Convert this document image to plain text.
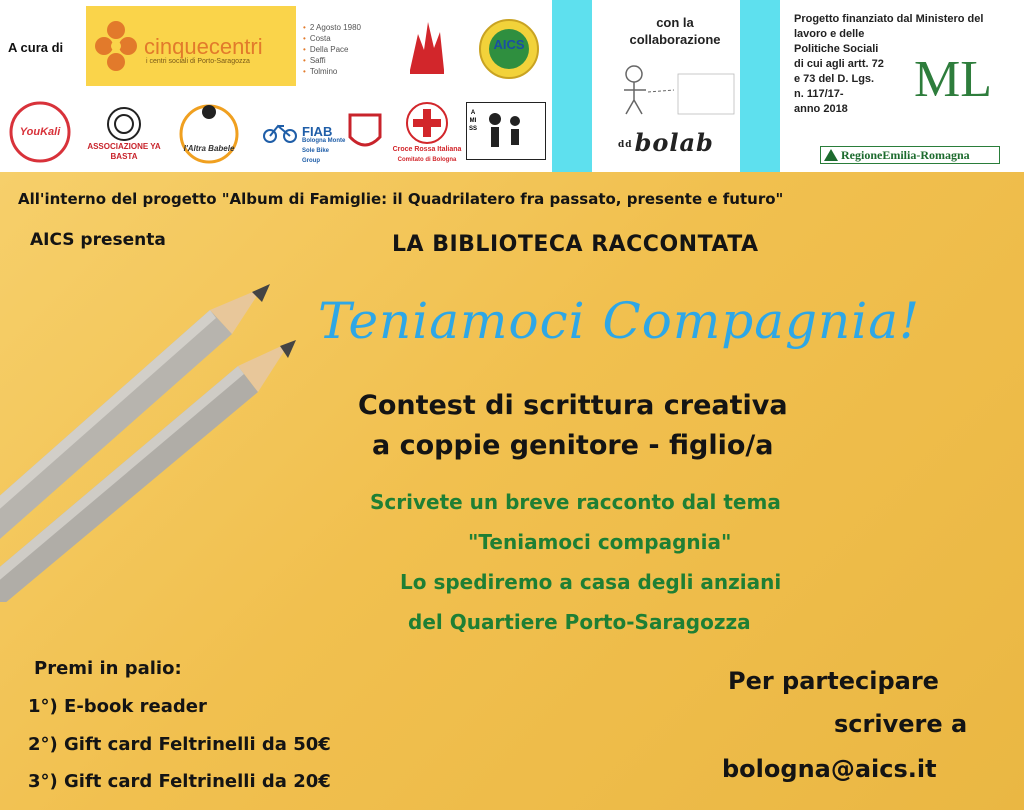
A cura di	cinquecentri
i centri sociali di Porto-Saragozza
• 2 Agosto 1980
• Costa
• Della Pace
• Saffi
• Tolmino
AICS
YouKali
ASSOCIAZIONE YA BASTA
l'Altra Babele
FIAB
Bologna Monte Sole Bike Group
Croce Rossa Italiana
Comitato di Bologna
AMISS
con la
collaborazione
ddbolab
Progetto finanziato dal Ministero del
lavoro e delle
Politiche Sociali
di cui agli artt. 72
e 73 del D. Lgs.
n. 117/17-
anno 2018
ML
RegioneEmilia-Romagna
All'interno del progetto "Album di Famiglie: il Quadrilatero fra passato, presente e futuro"
AICS presenta	LA BIBLIOTECA RACCONTATA
Teniamoci Compagnia!
Contest di scrittura creativa
a coppie genitore - figlio/a
Scrivete un breve racconto dal tema
"Teniamoci compagnia"
Lo spediremo a casa degli anziani
del Quartiere Porto-Saragozza
Premi in palio:
1°) E-book reader
2°) Gift card Feltrinelli da 50€
3°) Gift card Feltrinelli da 20€
Per partecipare
scrivere a
bologna@aics.it
